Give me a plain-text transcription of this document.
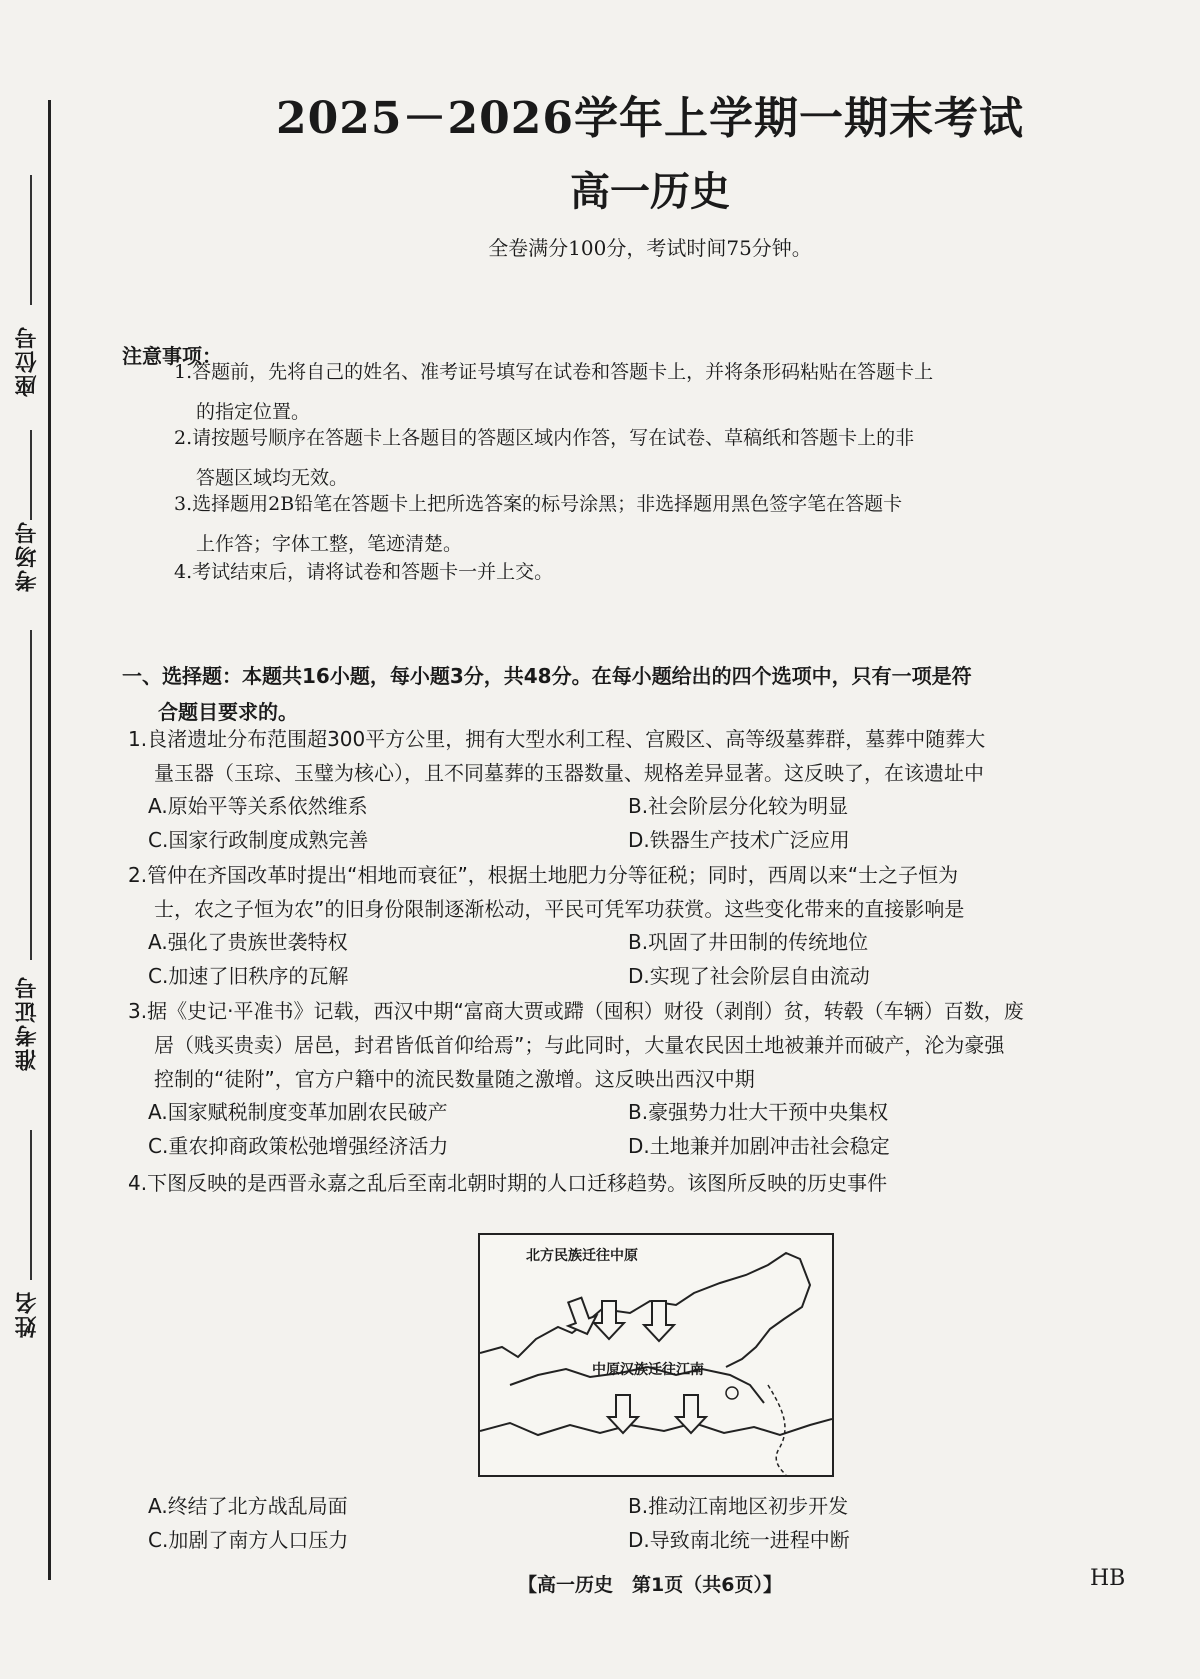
座位号
考场号
准考证号
姓名
2025－2026学年上学期一期末考试
高一历史
全卷满分100分，考试时间75分钟。
注意事项：
1.答题前，先将自己的姓名、准考证号填写在试卷和答题卡上，并将条形码粘贴在答题卡上
的指定位置。
2.请按题号顺序在答题卡上各题目的答题区域内作答，写在试卷、草稿纸和答题卡上的非
答题区域均无效。
3.选择题用2B铅笔在答题卡上把所选答案的标号涂黑；非选择题用黑色签字笔在答题卡
上作答；字体工整，笔迹清楚。
4.考试结束后，请将试卷和答题卡一并上交。
一、选择题：本题共16小题，每小题3分，共48分。在每小题给出的四个选项中，只有一项是符
合题目要求的。
1.良渚遗址分布范围超300平方公里，拥有大型水利工程、宫殿区、高等级墓葬群，墓葬中随葬大
量玉器（玉琮、玉璧为核心），且不同墓葬的玉器数量、规格差异显著。这反映了，在该遗址中
A.原始平等关系依然维系	B.社会阶层分化较为明显
C.国家行政制度成熟完善	D.铁器生产技术广泛应用
2.管仲在齐国改革时提出“相地而衰征”，根据土地肥力分等征税；同时，西周以来“士之子恒为
士，农之子恒为农”的旧身份限制逐渐松动，平民可凭军功获赏。这些变化带来的直接影响是
A.强化了贵族世袭特权	B.巩固了井田制的传统地位
C.加速了旧秩序的瓦解	D.实现了社会阶层自由流动
3.据《史记·平准书》记载，西汉中期“富商大贾或蹛（囤积）财役（剥削）贫，转毂（车辆）百数，废
居（贱买贵卖）居邑，封君皆低首仰给焉”；与此同时，大量农民因土地被兼并而破产，沦为豪强
控制的“徒附”，官方户籍中的流民数量随之激增。这反映出西汉中期
A.国家赋税制度变革加剧农民破产	B.豪强势力壮大干预中央集权
C.重农抑商政策松弛增强经济活力	D.土地兼并加剧冲击社会稳定
4.下图反映的是西晋永嘉之乱后至南北朝时期的人口迁移趋势。该图所反映的历史事件
北方民族迁往中原
中原汉族迁往江南
A.终结了北方战乱局面	B.推动江南地区初步开发
C.加剧了南方人口压力	D.导致南北统一进程中断
【高一历史　第1页（共6页）】	HB
